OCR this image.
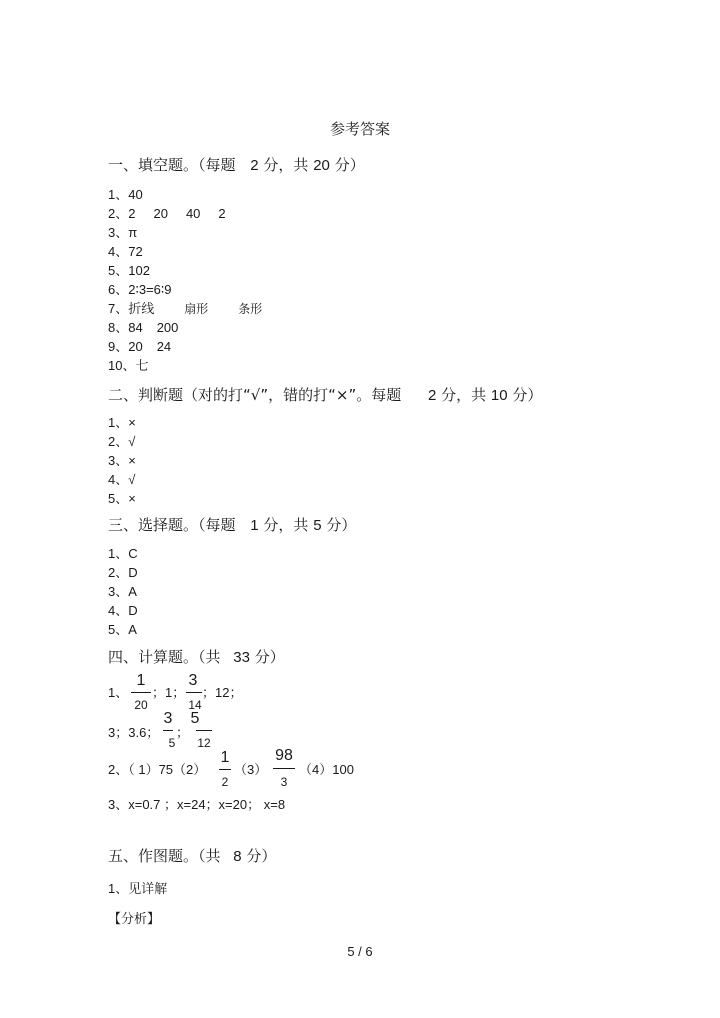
参考答案
一、填空题。（每题 2 分，共 20 分）
1、40
2、2 20 40 2
3、π
4、72
5、102
6、2∶3=6∶9
7、折线	扇形	条形
8、84 200
9、20 24
10、七
二、判断题（对的打“√”，错的打“×”。每题 2 分，共 10 分）
1、×
2、√
3、×
4、√
5、×
三、选择题。（每题 1 分，共 5 分）
1、C
2、D
3、A
4、D
5、A
四、计算题。（共 33 分）
1、
1
20
；1；
3
14
；12；
3；3.6；
3
5
；
5
12
2、（ 1）75（2）
1
2
（3）
98
3
（4）100
3、x=0.7 ；x=24；x=20； x=8
五、作图题。（共 8 分）
1、见详解
【分析】
5 / 6
